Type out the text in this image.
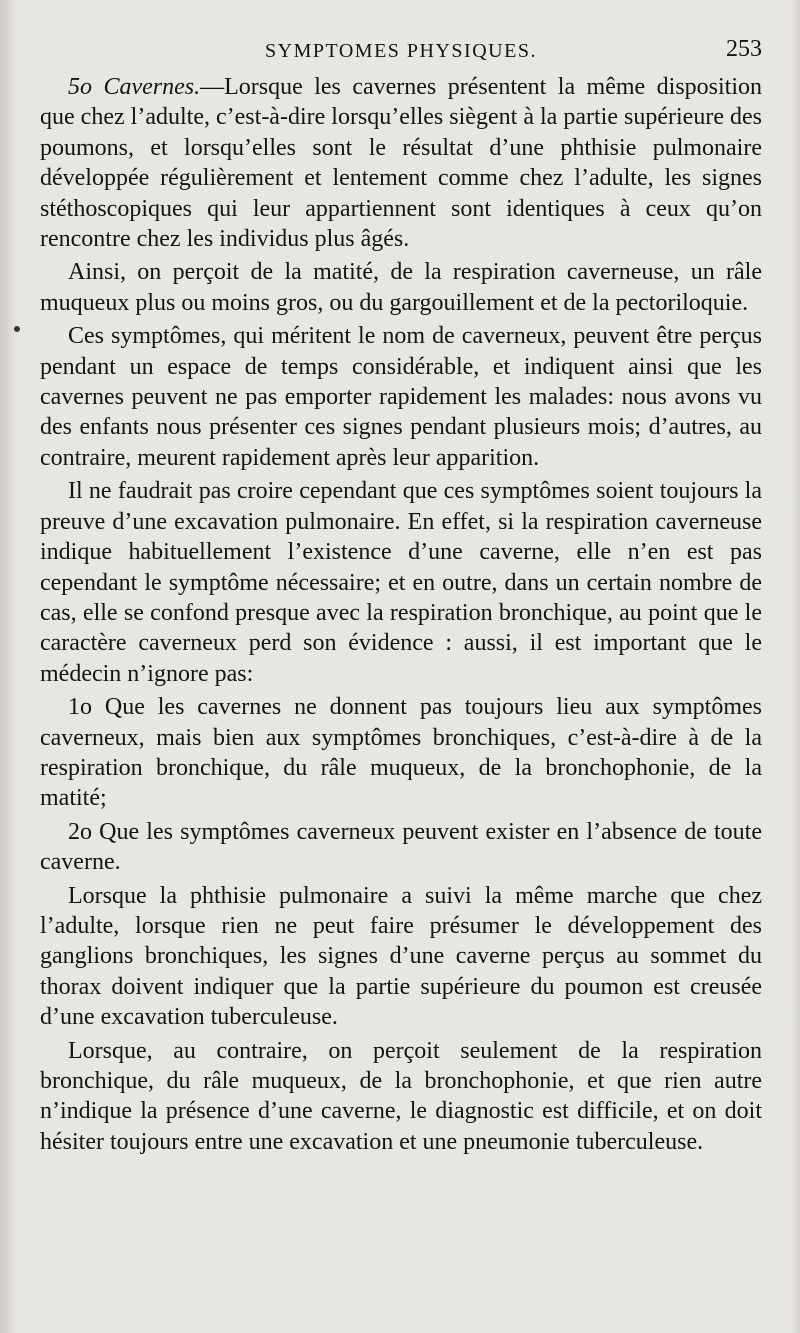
SYMPTOMES PHYSIQUES.	253

5o Cavernes.—Lorsque les cavernes présentent la même disposition que chez l’adulte, c’est-à-dire lorsqu’elles siègent à la partie supérieure des poumons, et lorsqu’elles sont le résultat d’une phthisie pulmonaire développée régulièrement et lentement comme chez l’adulte, les signes stéthoscopiques qui leur appartiennent sont identiques à ceux qu’on rencontre chez les individus plus âgés.

Ainsi, on perçoit de la matité, de la respiration caverneuse, un râle muqueux plus ou moins gros, ou du gargouillement et de la pectoriloquie.

Ces symptômes, qui méritent le nom de caverneux, peuvent être perçus pendant un espace de temps considérable, et indiquent ainsi que les cavernes peuvent ne pas emporter rapidement les malades: nous avons vu des enfants nous présenter ces signes pendant plusieurs mois; d’autres, au contraire, meurent rapidement après leur apparition.

Il ne faudrait pas croire cependant que ces symptômes soient toujours la preuve d’une excavation pulmonaire. En effet, si la respiration caverneuse indique habituellement l’existence d’une caverne, elle n’en est pas cependant le symptôme nécessaire; et en outre, dans un certain nombre de cas, elle se confond presque avec la respiration bronchique, au point que le caractère caverneux perd son évidence : aussi, il est important que le médecin n’ignore pas:

1o Que les cavernes ne donnent pas toujours lieu aux symptômes caverneux, mais bien aux symptômes bronchiques, c’est-à-dire à de la respiration bronchique, du râle muqueux, de la bronchophonie, de la matité;

2o Que les symptômes caverneux peuvent exister en l’absence de toute caverne.

Lorsque la phthisie pulmonaire a suivi la même marche que chez l’adulte, lorsque rien ne peut faire présumer le développement des ganglions bronchiques, les signes d’une caverne perçus au sommet du thorax doivent indiquer que la partie supérieure du poumon est creusée d’une excavation tuberculeuse.

Lorsque, au contraire, on perçoit seulement de la respiration bronchique, du râle muqueux, de la bronchophonie, et que rien autre n’indique la présence d’une caverne, le diagnostic est difficile, et on doit hésiter toujours entre une excavation et une pneumonie tuberculeuse.
